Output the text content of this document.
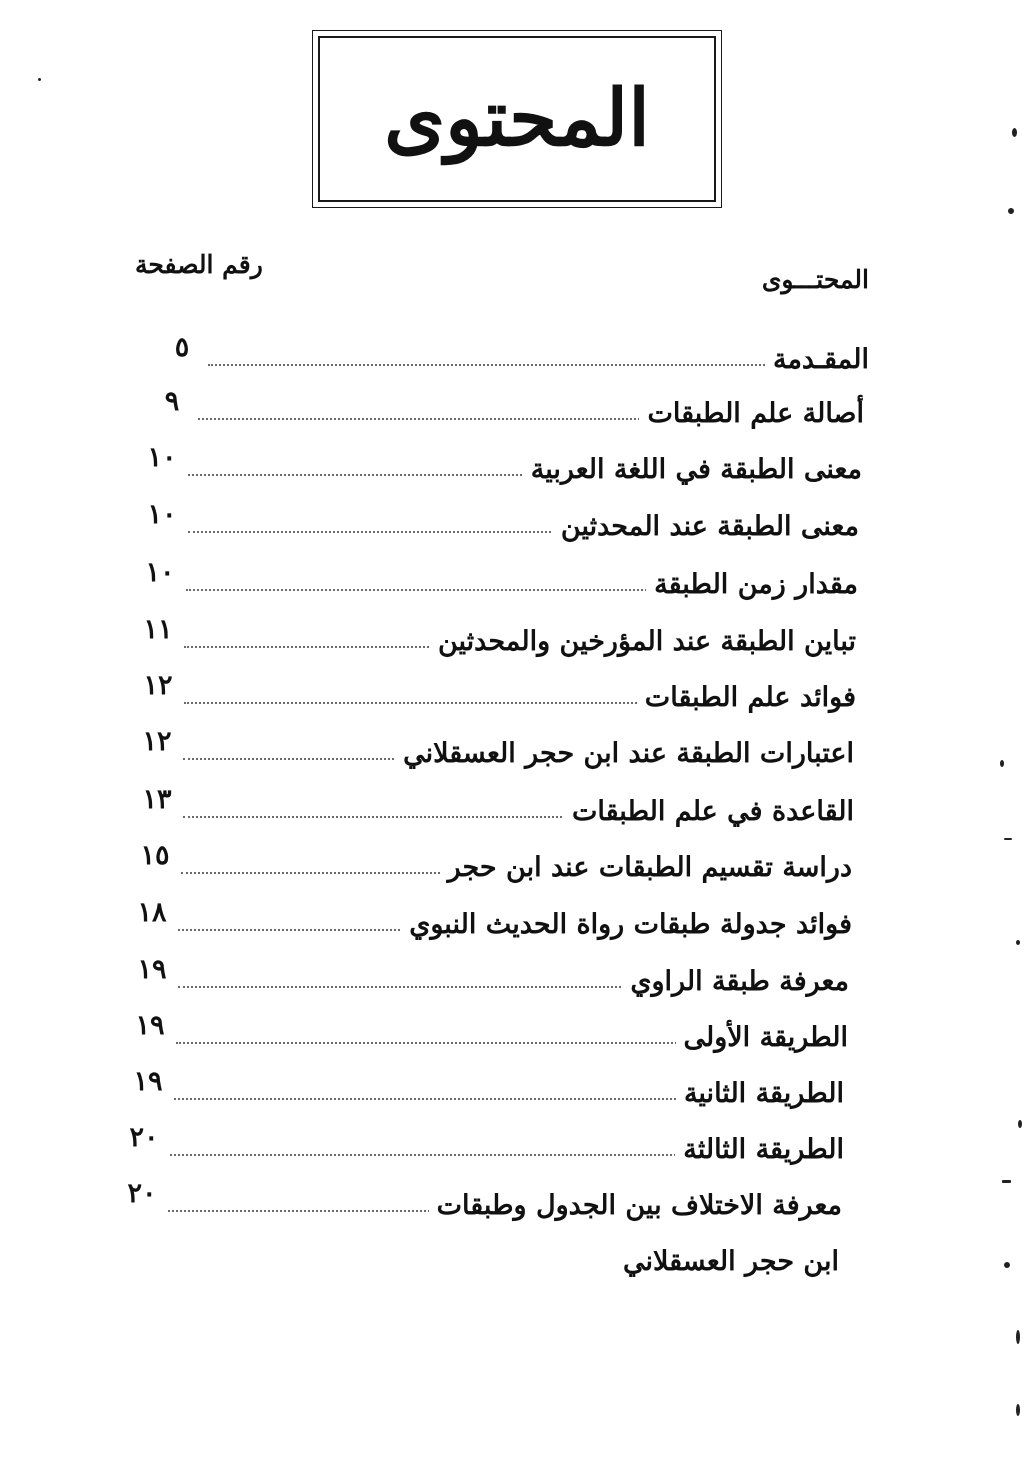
المحتوى
رقم الصفحة
المحتـــوى
المقـدمة
٥
أصالة علم الطبقات
٩
معنى الطبقة في اللغة العربية
١٠
معنى الطبقة عند المحدثين
١٠
مقدار زمن الطبقة
١٠
تباين الطبقة عند المؤرخين والمحدثين
١١
فوائد علم الطبقات
١٢
اعتبارات الطبقة عند ابن حجر العسقلاني
١٢
القاعدة في علم الطبقات
١٣
دراسة تقسيم الطبقات عند ابن حجر
١٥
فوائد جدولة طبقات رواة الحديث النبوي
١٨
معرفة طبقة الراوي
١٩
الطريقة الأولى
١٩
الطريقة الثانية
١٩
الطريقة الثالثة
٢٠
معرفة الاختلاف بين الجدول وطبقات
٢٠
ابن حجر العسقلاني
